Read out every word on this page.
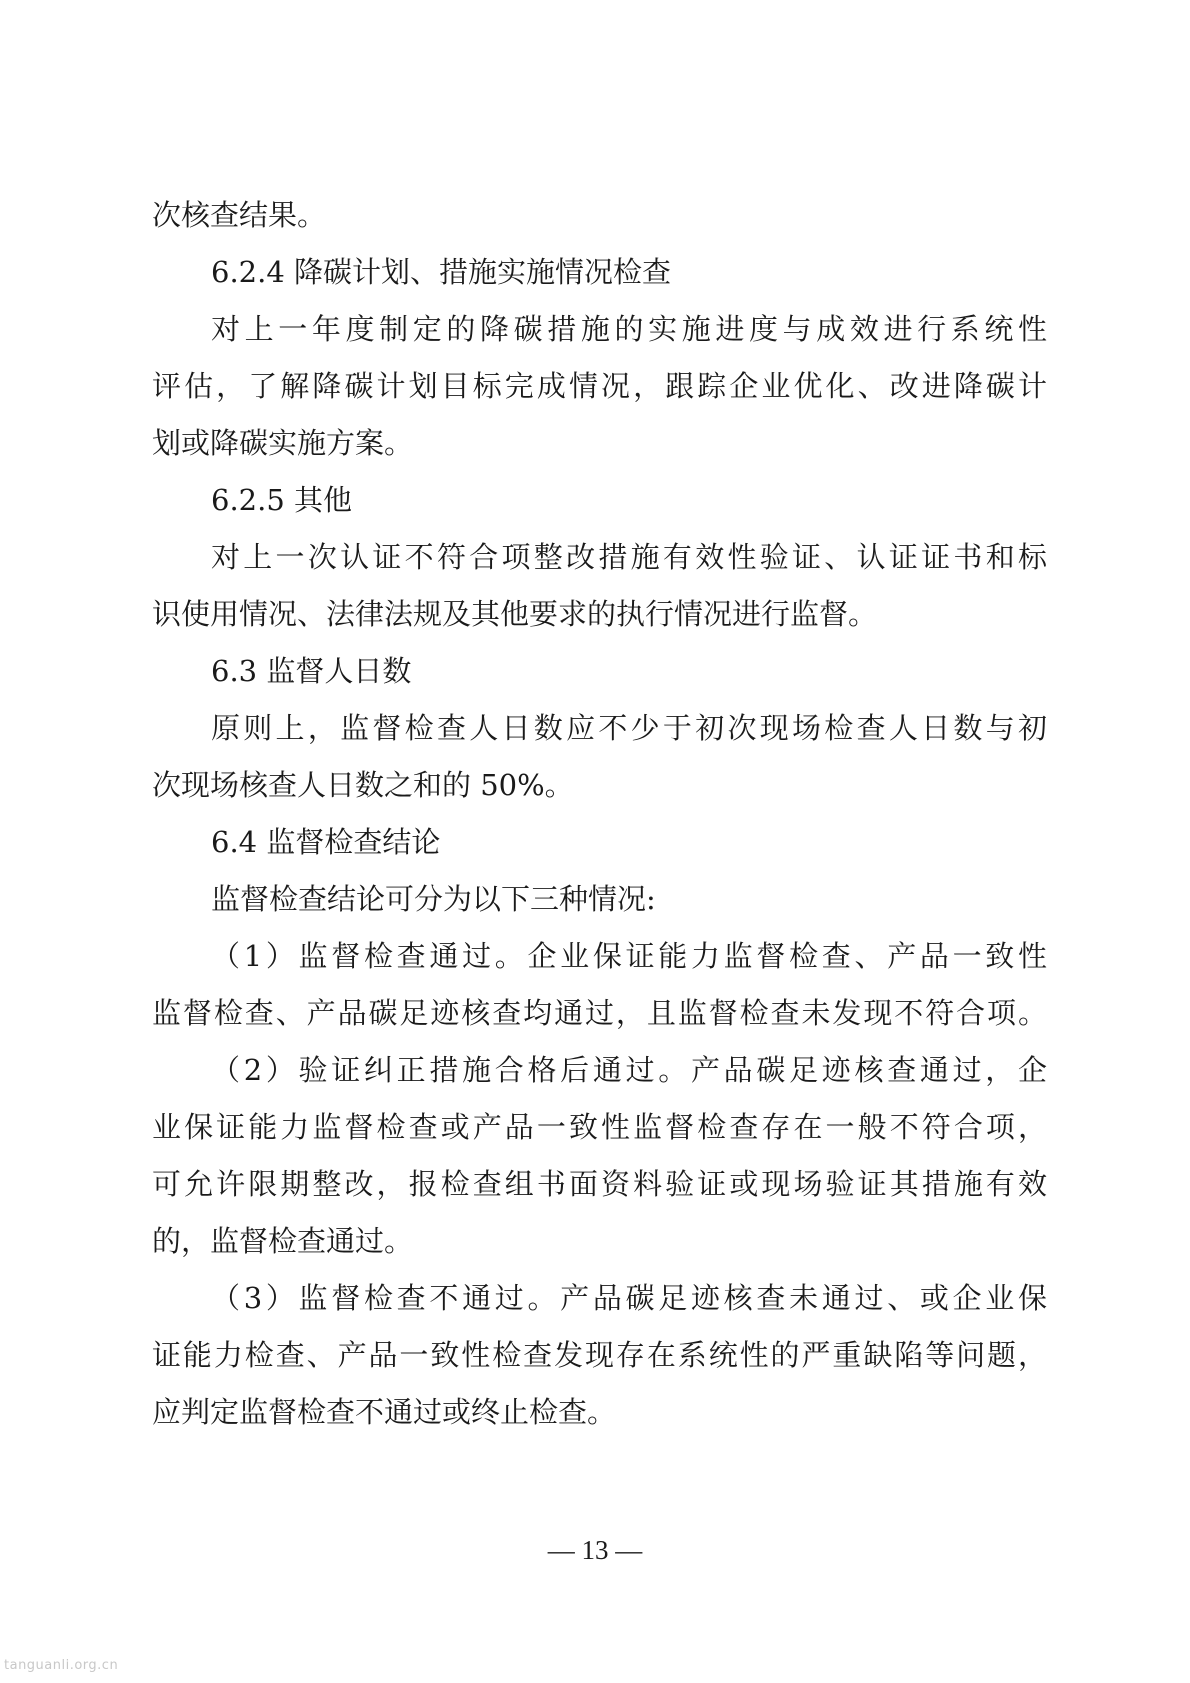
次核查结果。

6.2.4 降碳计划、措施实施情况检查

对上一年度制定的降碳措施的实施进度与成效进行系统性

评估，了解降碳计划目标完成情况，跟踪企业优化、改进降碳计

划或降碳实施方案。

6.2.5 其他

对上一次认证不符合项整改措施有效性验证、认证证书和标

识使用情况、法律法规及其他要求的执行情况进行监督。

6.3 监督人日数

原则上，监督检查人日数应不少于初次现场检查人日数与初

次现场核查人日数之和的 50%。

6.4 监督检查结论

监督检查结论可分为以下三种情况:

（1）监督检查通过。企业保证能力监督检查、产品一致性

监督检查、产品碳足迹核查均通过，且监督检查未发现不符合项。

（2）验证纠正措施合格后通过。产品碳足迹核查通过，企

业保证能力监督检查或产品一致性监督检查存在一般不符合项，

可允许限期整改，报检查组书面资料验证或现场验证其措施有效

的，监督检查通过。

（3）监督检查不通过。产品碳足迹核查未通过、或企业保

证能力检查、产品一致性检查发现存在系统性的严重缺陷等问题，

应判定监督检查不通过或终止检查。

— 13 —
tanguanli.org.cn
